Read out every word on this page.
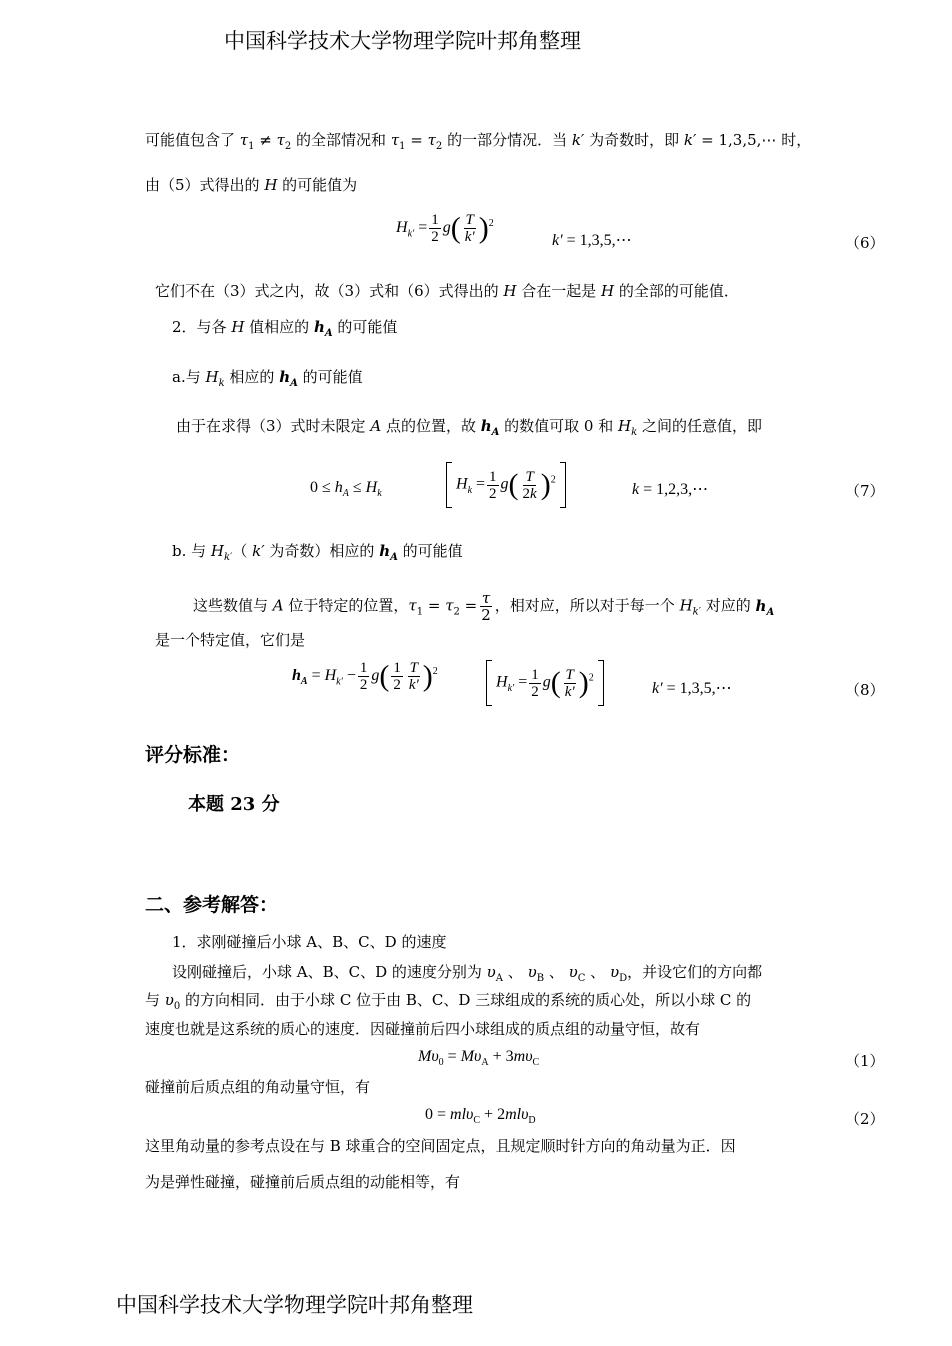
中国科学技术大学物理学院叶邦角整理
可能值包含了 $\tau_1 \ne \tau_2$ 的全部情况和 $\tau_1 = \tau_2$ 的一部分情况．当 k′ 为奇数时，即 k′ = 1,3,5,⋯ 时，
由（5）式得出的 H 的可能值为
$H_{k'} = \frac{1}{2} g( \frac{T}{k'} )^2$
k′ = 1,3,5,⋯	（6）
它们不在（3）式之内，故（3）式和（6）式得出的 H 合在一起是 H 的全部的可能值．
2．与各 H 值相应的 $h_A$ 的可能值
a.与 $H_k$ 相应的 $h_A$ 的可能值
由于在求得（3）式时未限定 A 点的位置，故 $h_A$ 的数值可取 0 和 $H_k$ 之间的任意值，即
$0 \le h_A \le H_k$
$H_k = \frac{1}{2} g( \frac{T}{2k} )^2$
k = 1,2,3,⋯	（7）
b. 与 $H_{k'}$（ k′ 为奇数）相应的 $h_A$ 的可能值
这些数值与 A 位于特定的位置，$\tau_1 = \tau_2 = \frac{\tau}{2}$ ，相对应，所以对于每一个 $H_{k'}$ 对应的 $h_A$
是一个特定值，它们是
$h_A = H_{k'} - \frac{1}{2} g( \frac{1}{2} \frac{T}{k'} )^2$
$H_{k'} = \frac{1}{2} g( \frac{T}{k'} )^2$
k′ = 1,3,5,⋯	（8）
评分标准：
本题 23 分
二、参考解答：
1．求刚碰撞后小球 A、B、C、D 的速度
设刚碰撞后，小球 A、B、C、D 的速度分别为 $\upsilon_A$ 、 $\upsilon_B$ 、 $\upsilon_C$ 、 $\upsilon_D$，并设它们的方向都
与 $\upsilon_0$ 的方向相同．由于小球 C 位于由 B、C、D 三球组成的系统的质心处，所以小球 C 的
速度也就是这系统的质心的速度．因碰撞前后四小球组成的质点组的动量守恒，故有
$M\upsilon_0 = M\upsilon_A + 3m\upsilon_C$	（1）
碰撞前后质点组的角动量守恒，有
0 = mlυ$_C$ + 2mlυ$_D$	（2）
这里角动量的参考点设在与 B 球重合的空间固定点，且规定顺时针方向的角动量为正．因
为是弹性碰撞，碰撞前后质点组的动能相等，有
中国科学技术大学物理学院叶邦角整理
